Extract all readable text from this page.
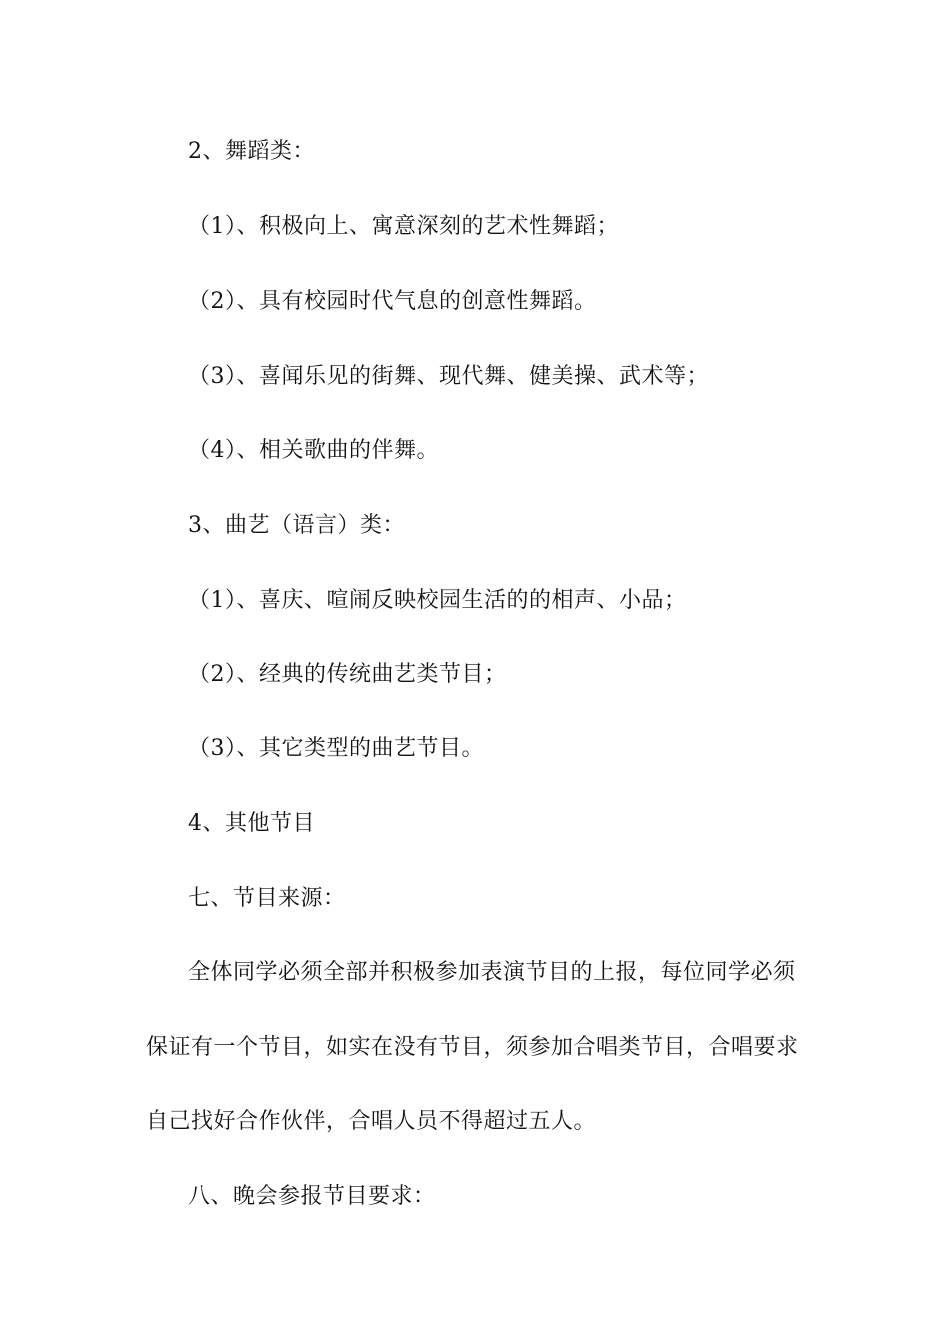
2、舞蹈类：
（1）、积极向上、寓意深刻的艺术性舞蹈；
（2）、具有校园时代气息的创意性舞蹈。
（3）、喜闻乐见的街舞、现代舞、健美操、武术等；
（4）、相关歌曲的伴舞。
3、曲艺（语言）类：
（1）、喜庆、喧闹反映校园生活的的相声、小品；
（2）、经典的传统曲艺类节目；
（3）、其它类型的曲艺节目。
4、其他节目
七、节目来源：
全体同学必须全部并积极参加表演节目的上报，每位同学必须
保证有一个节目，如实在没有节目，须参加合唱类节目，合唱要求
自己找好合作伙伴，合唱人员不得超过五人。
八、晚会参报节目要求：
